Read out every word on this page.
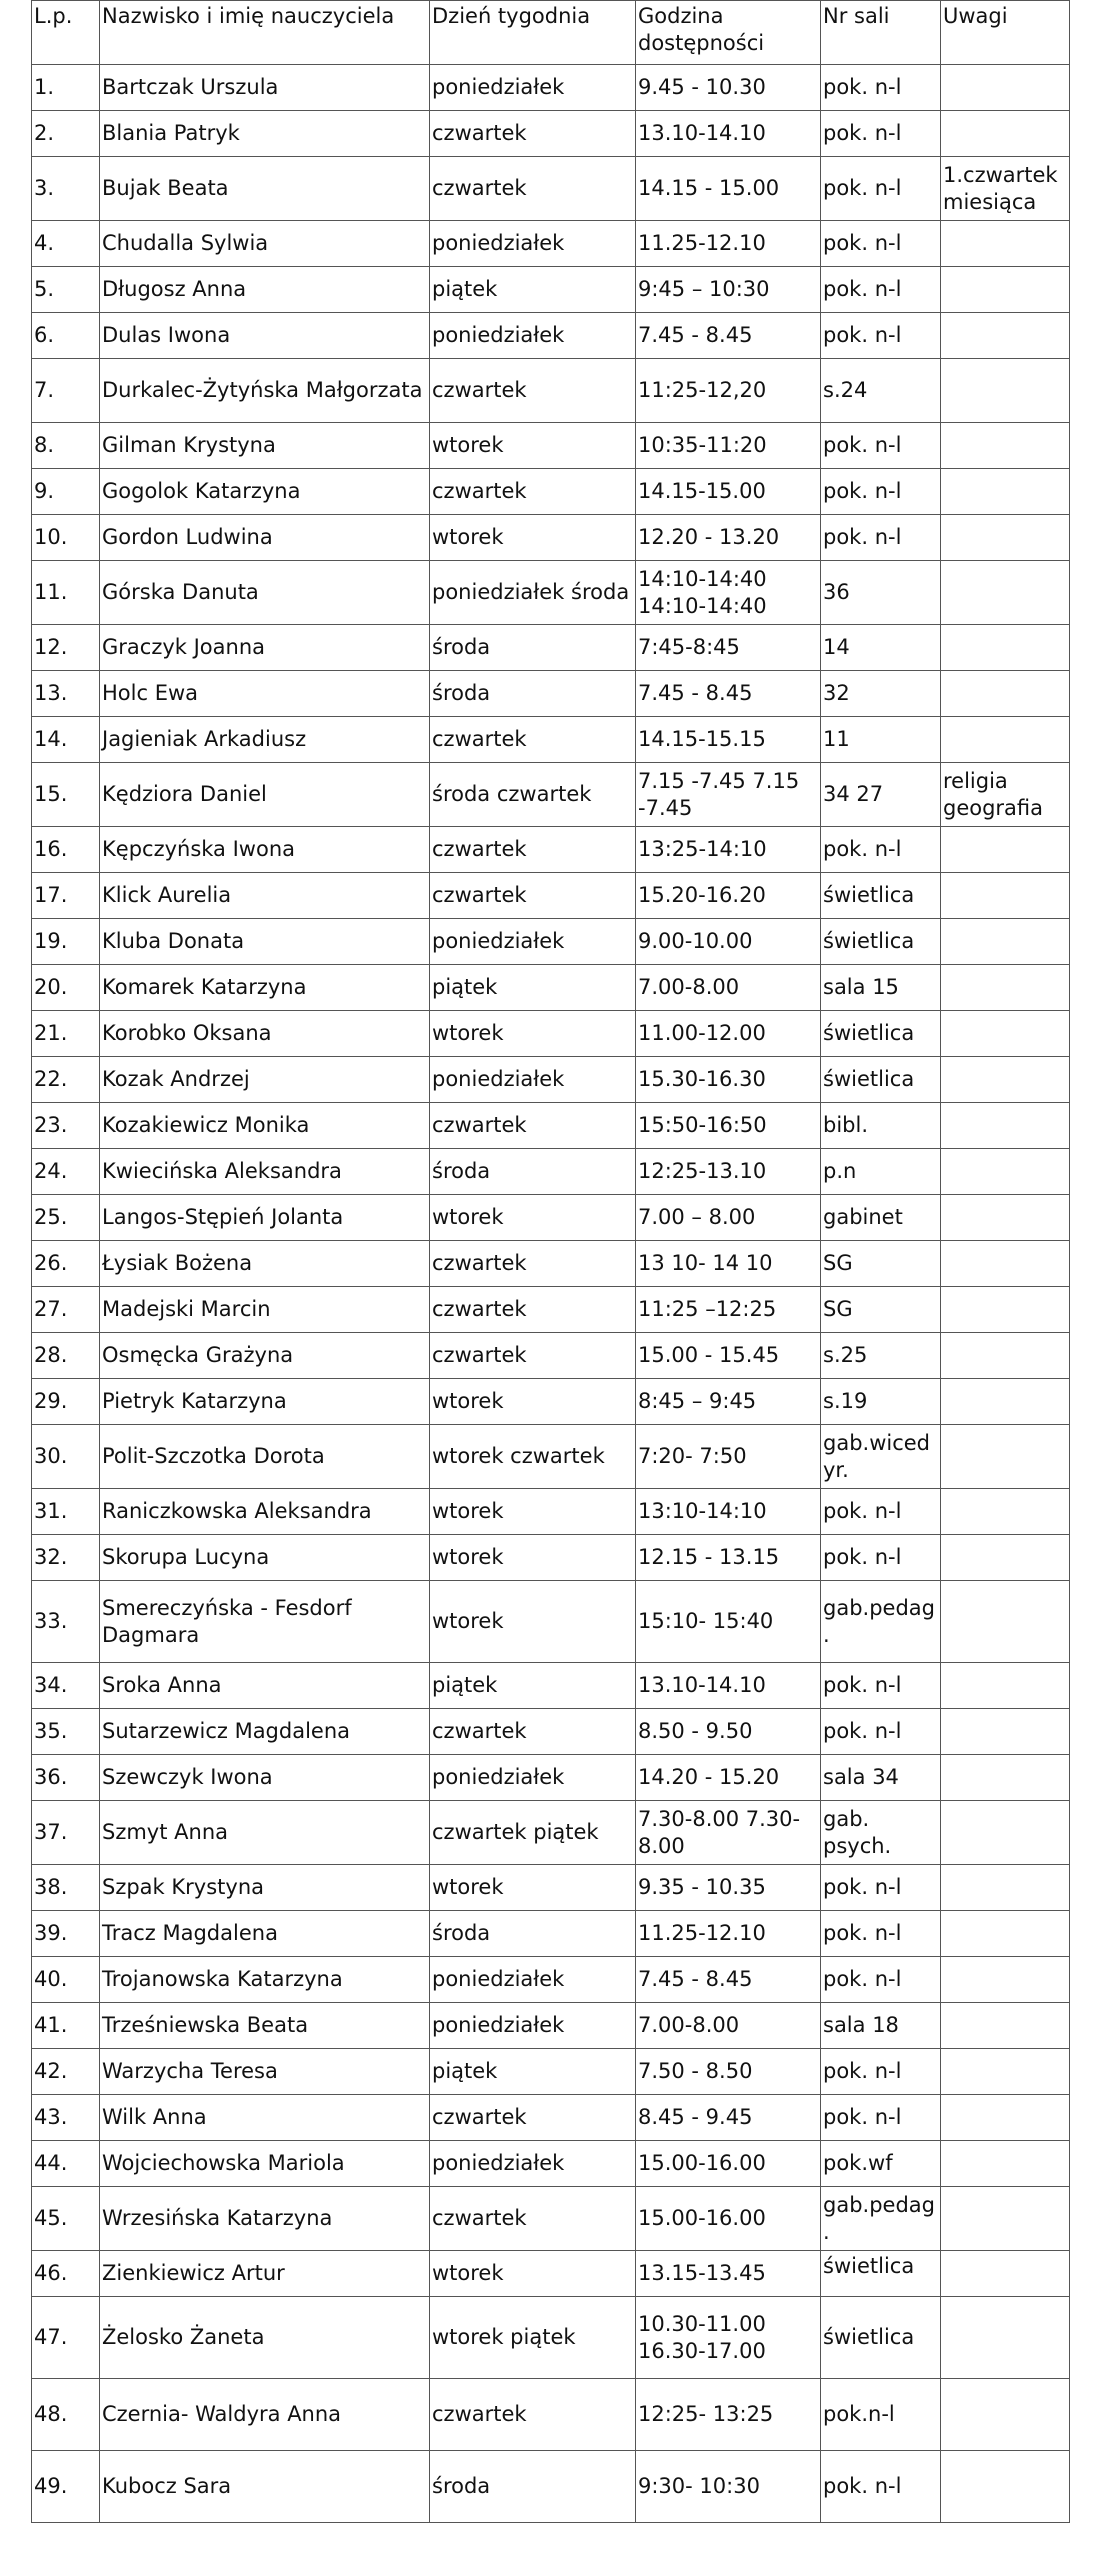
L.p.	Nazwisko i imię nauczyciela	Dzień tygodnia	Godzina dostępności	Nr sali	Uwagi
1.	Bartczak Urszula	poniedziałek	9.45 - 10.30	pok. n-l	
2.	Blania Patryk	czwartek	13.10-14.10	pok. n-l	
3.	Bujak Beata	czwartek	14.15 - 15.00	pok. n-l	1.czwartek miesiąca
4.	Chudalla Sylwia	poniedziałek	11.25-12.10	pok. n-l	
5.	Długosz Anna	piątek	9:45 – 10:30	pok. n-l	
6.	Dulas Iwona	poniedziałek	7.45 - 8.45	pok. n-l	
7.	Durkalec-Żytyńska Małgorzata	czwartek	11:25-12,20	s.24	
8.	Gilman Krystyna	wtorek	10:35-11:20	pok. n-l	
9.	Gogolok Katarzyna	czwartek	14.15-15.00	pok. n-l	
10.	Gordon Ludwina	wtorek	12.20 - 13.20	pok. n-l	
11.	Górska Danuta	poniedziałek środa	14:10-14:40 14:10-14:40	36	
12.	Graczyk Joanna	środa	7:45-8:45	14	
13.	Holc Ewa	środa	7.45 - 8.45	32	
14.	Jagieniak Arkadiusz	czwartek	14.15-15.15	11	
15.	Kędziora Daniel	środa czwartek	7.15 -7.45 7.15 -7.45	34 27	religia geografia
16.	Kępczyńska Iwona	czwartek	13:25-14:10	pok. n-l	
17.	Klick Aurelia	czwartek	15.20-16.20	świetlica	
19.	Kluba Donata	poniedziałek	9.00-10.00	świetlica	
20.	Komarek Katarzyna	piątek	7.00-8.00	sala 15	
21.	Korobko Oksana	wtorek	11.00-12.00	świetlica	
22.	Kozak Andrzej	poniedziałek	15.30-16.30	świetlica	
23.	Kozakiewicz Monika	czwartek	15:50-16:50	bibl.	
24.	Kwiecińska Aleksandra	środa	12:25-13.10	p.n	
25.	Langos-Stępień Jolanta	wtorek	7.00 – 8.00	gabinet	
26.	Łysiak Bożena	czwartek	13 10- 14 10	SG	
27.	Madejski Marcin	czwartek	11:25 –12:25	SG	
28.	Osmęcka Grażyna	czwartek	15.00 - 15.45	s.25	
29.	Pietryk Katarzyna	wtorek	8:45 – 9:45	s.19	
30.	Polit-Szczotka Dorota	wtorek czwartek	7:20- 7:50	gab.wiced yr.	
31.	Raniczkowska Aleksandra	wtorek	13:10-14:10	pok. n-l	
32.	Skorupa Lucyna	wtorek	12.15 - 13.15	pok. n-l	
33.	Smereczyńska - Fesdorf Dagmara	wtorek	15:10- 15:40	gab.pedag.	
34.	Sroka Anna	piątek	13.10-14.10	pok. n-l	
35.	Sutarzewicz Magdalena	czwartek	8.50 - 9.50	pok. n-l	
36.	Szewczyk Iwona	poniedziałek	14.20 - 15.20	sala 34	
37.	Szmyt Anna	czwartek piątek	7.30-8.00 7.30-8.00	gab. psych.	
38.	Szpak Krystyna	wtorek	9.35 - 10.35	pok. n-l	
39.	Tracz Magdalena	środa	11.25-12.10	pok. n-l	
40.	Trojanowska Katarzyna	poniedziałek	7.45 - 8.45	pok. n-l	
41.	Trześniewska Beata	poniedziałek	7.00-8.00	sala 18	
42.	Warzycha Teresa	piątek	7.50 - 8.50	pok. n-l	
43.	Wilk Anna	czwartek	8.45 - 9.45	pok. n-l	
44.	Wojciechowska Mariola	poniedziałek	15.00-16.00	pok.wf	
45.	Wrzesińska Katarzyna	czwartek	15.00-16.00	gab.pedag.	
46.	Zienkiewicz Artur	wtorek	13.15-13.45	świetlica	
47.	Żelosko Żaneta	wtorek piątek	10.30-11.00 16.30-17.00	świetlica	
48.	Czernia- Waldyra Anna	czwartek	12:25- 13:25	pok.n-l	
49.	Kubocz Sara	środa	9:30- 10:30	pok. n-l	
